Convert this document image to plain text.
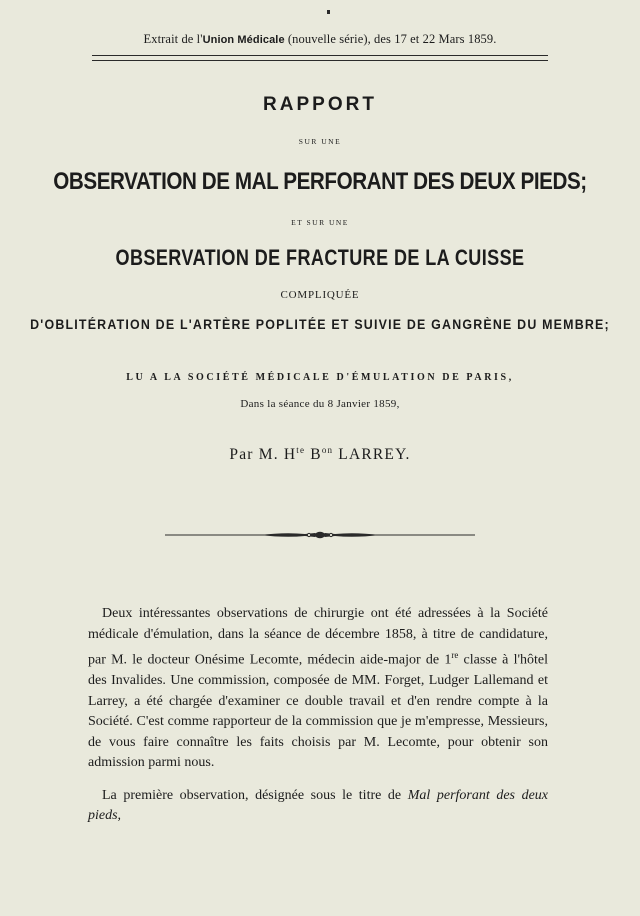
Extrait de l'Union Médicale (nouvelle série), des 17 et 22 Mars 1859.
RAPPORT
SUR UNE
OBSERVATION DE MAL PERFORANT DES DEUX PIEDS;
ET SUR UNE
OBSERVATION DE FRACTURE DE LA CUISSE
COMPLIQUÉE
D'OBLITÉRATION DE L'ARTÈRE POPLITÉE ET SUIVIE DE GANGRÈNE DU MEMBRE;
LU A LA SOCIÉTÉ MÉDICALE D'ÉMULATION DE PARIS,
Dans la séance du 8 Janvier 1859,
Par M. $H^{te}$ $B^{on}$ LARREY.

Deux intéressantes observations de chirurgie ont été adressées à la Société médicale d'émulation, dans la séance de décembre 1858, à titre de candidature, par M. le docteur Onésime Lecomte, médecin aide-major de 1re classe à l'hôtel des Invalides. Une commission, composée de MM. Forget, Ludger Lallemand et Larrey, a été chargée d'examiner ce double travail et d'en rendre compte à la Société. C'est comme rapporteur de la commission que je m'empresse, Messieurs, de vous faire connaître les faits choisis par M. Lecomte, pour obtenir son admission parmi nous.

La première observation, désignée sous le titre de Mal perforant des deux pieds,
